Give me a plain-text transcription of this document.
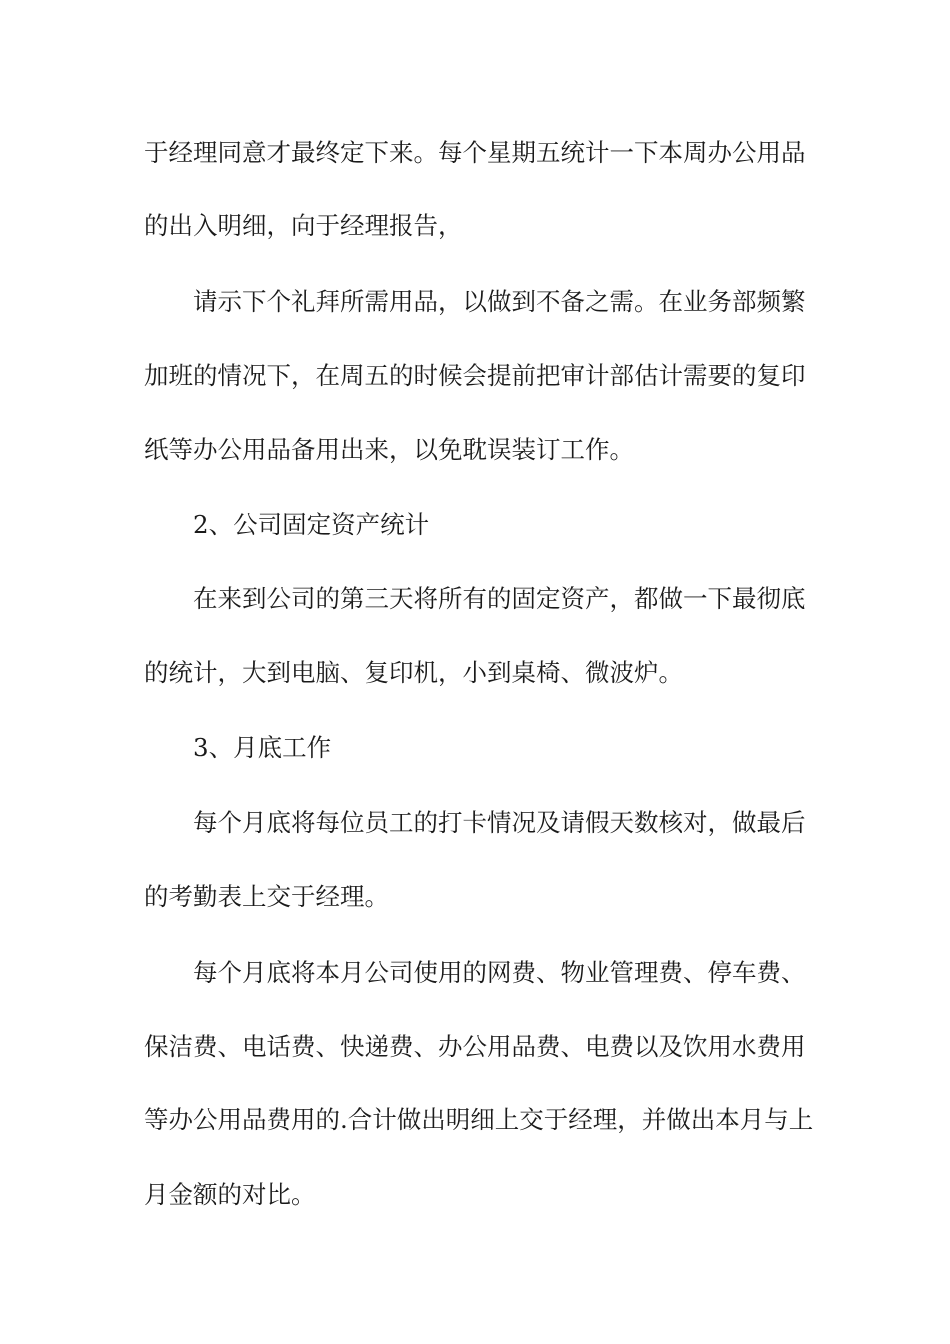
于经理同意才最终定下来。每个星期五统计一下本周办公用品

的出入明细，向于经理报告，

请示下个礼拜所需用品，以做到不备之需。在业务部频繁

加班的情况下，在周五的时候会提前把审计部估计需要的复印

纸等办公用品备用出来，以免耽误装订工作。

2、公司固定资产统计

在来到公司的第三天将所有的固定资产，都做一下最彻底

的统计，大到电脑、复印机，小到桌椅、微波炉。

3、月底工作

每个月底将每位员工的打卡情况及请假天数核对，做最后

的考勤表上交于经理。

每个月底将本月公司使用的网费、物业管理费、停车费、

保洁费、电话费、快递费、办公用品费、电费以及饮用水费用

等办公用品费用的.合计做出明细上交于经理，并做出本月与上

月金额的对比。
